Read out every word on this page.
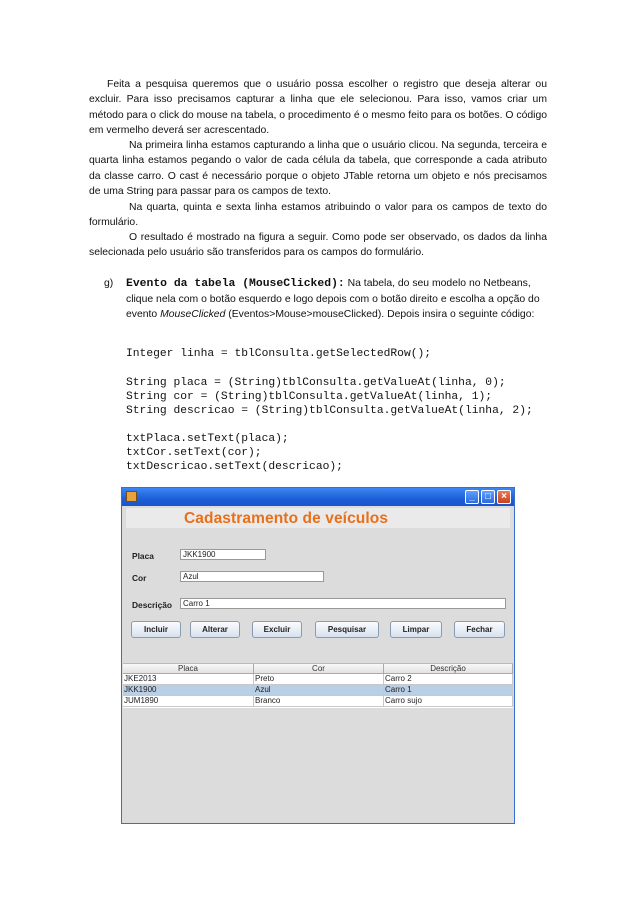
Feita a pesquisa queremos que o usuário possa escolher o registro que deseja alterar ou excluir. Para isso precisamos capturar a linha que ele selecionou. Para isso, vamos criar um método para o click do mouse na tabela, o procedimento é o mesmo feito para os botões. O código em vermelho deverá ser acrescentado.

Na primeira linha estamos capturando a linha que o usuário clicou. Na segunda, terceira e quarta linha estamos pegando o valor de cada célula da tabela, que corresponde a cada atributo da classe carro. O cast é necessário porque o objeto JTable retorna um objeto e nós precisamos de uma String para passar para os campos de texto.

Na quarta, quinta e sexta linha estamos atribuindo o valor para os campos de texto do formulário.

O resultado é mostrado na figura a seguir. Como pode ser observado, os dados da linha selecionada pelo usuário são transferidos para os campos do formulário.

g) Evento da tabela (MouseClicked): Na tabela, do seu modelo no Netbeans, clique nela com o botão esquerdo e logo depois com o botão direito e escolha a opção do evento MouseClicked (Eventos>Mouse>mouseClicked). Depois insira o seguinte código:
Integer linha = tblConsulta.getSelectedRow();
String placa = (String)tblConsulta.getValueAt(linha, 0);
String cor = (String)tblConsulta.getValueAt(linha, 1);
String descricao = (String)tblConsulta.getValueAt(linha, 2);
txtPlaca.setText(placa);
txtCor.setText(cor);
txtDescricao.setText(descricao);
_	□	×
Cadastramento de veículos
Placa	JKK1900
Cor	Azul
Descrição	Carro 1
Incluir	Alterar	Excluir	Pesquisar	Limpar	Fechar
Placa	Cor	Descrição
JKE2013	Preto	Carro 2
JKK1900	Azul	Carro 1
JUM1890	Branco	Carro sujo
